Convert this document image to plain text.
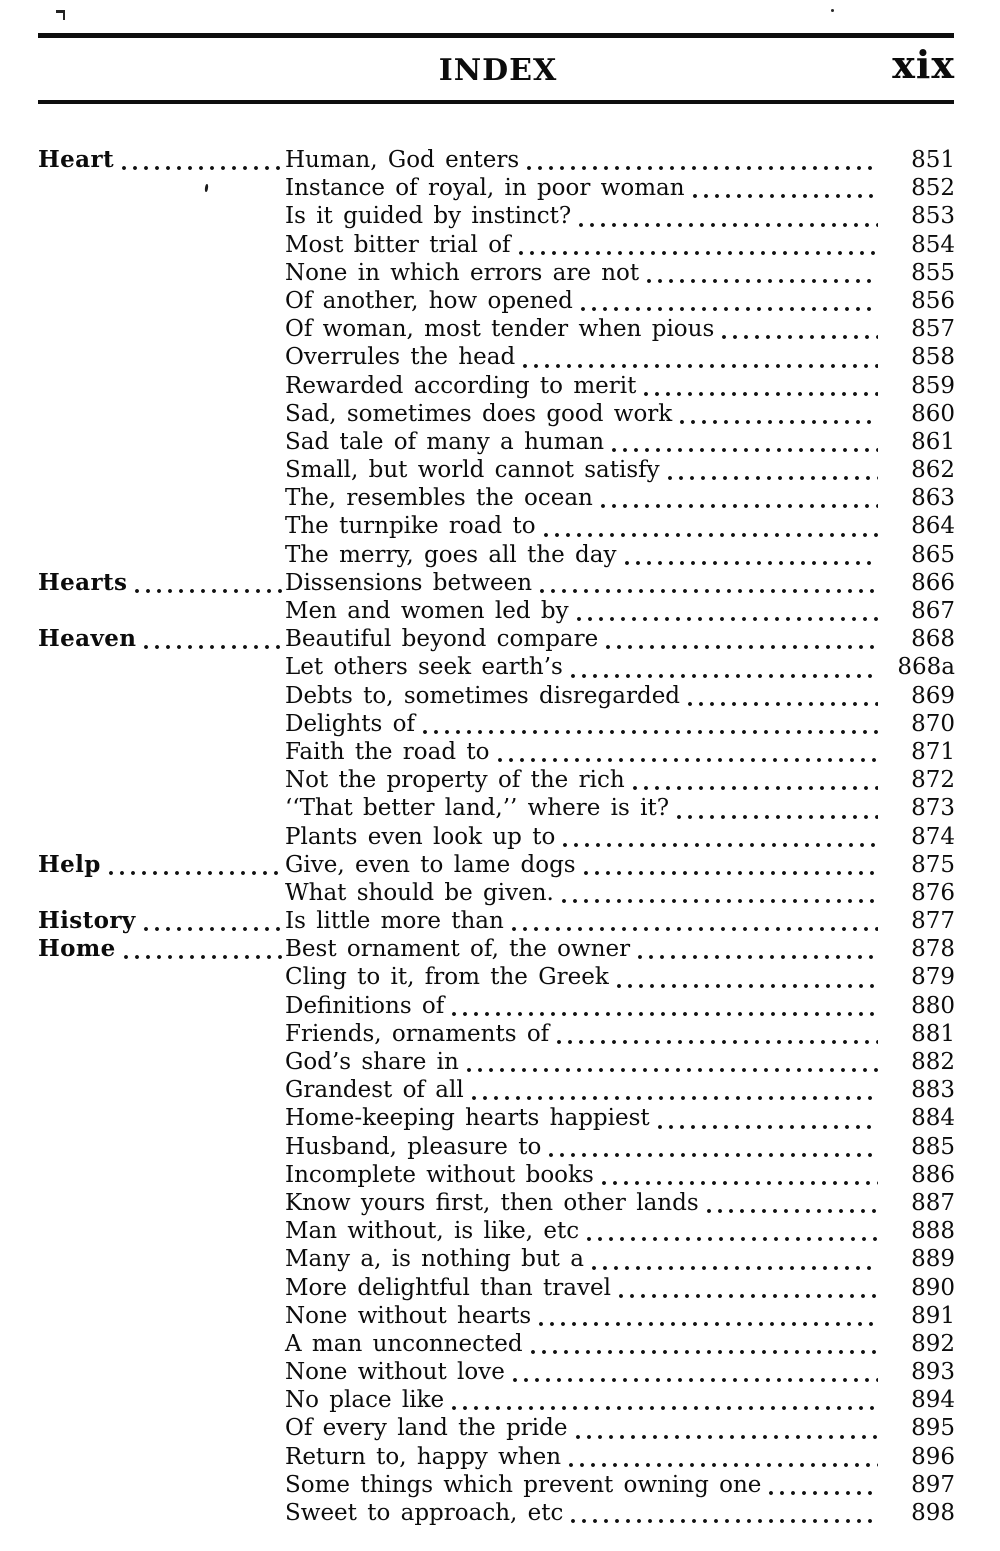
INDEX	xix
Heart	Human, God enters	851
Instance of royal, in poor woman	852
Is it guided by instinct?	853
Most bitter trial of	854
None in which errors are not	855
Of another, how opened	856
Of woman, most tender when pious	857
Overrules the head	858
Rewarded according to merit	859
Sad, sometimes does good work	860
Sad tale of many a human	861
Small, but world cannot satisfy	862
The, resembles the ocean	863
The turnpike road to	864
The merry, goes all the day	865
Hearts	Dissensions between	866
Men and women led by	867
Heaven	Beautiful beyond compare	868
Let others seek earth’s	868a
Debts to, sometimes disregarded	869
Delights of	870
Faith the road to	871
Not the property of the rich	872
‘‘That better land,’’ where is it?	873
Plants even look up to	874
Help	Give, even to lame dogs	875
What should be given.	876
History	Is little more than	877
Home	Best ornament of, the owner	878
Cling to it, from the Greek	879
Definitions of	880
Friends, ornaments of	881
God’s share in	882
Grandest of all	883
Home-keeping hearts happiest	884
Husband, pleasure to	885
Incomplete without books	886
Know yours first, then other lands	887
Man without, is like, etc	888
Many a, is nothing but a	889
More delightful than travel	890
None without hearts	891
A man unconnected	892
None without love	893
No place like	894
Of every land the pride	895
Return to, happy when	896
Some things which prevent owning one	897
Sweet to approach, etc	898
